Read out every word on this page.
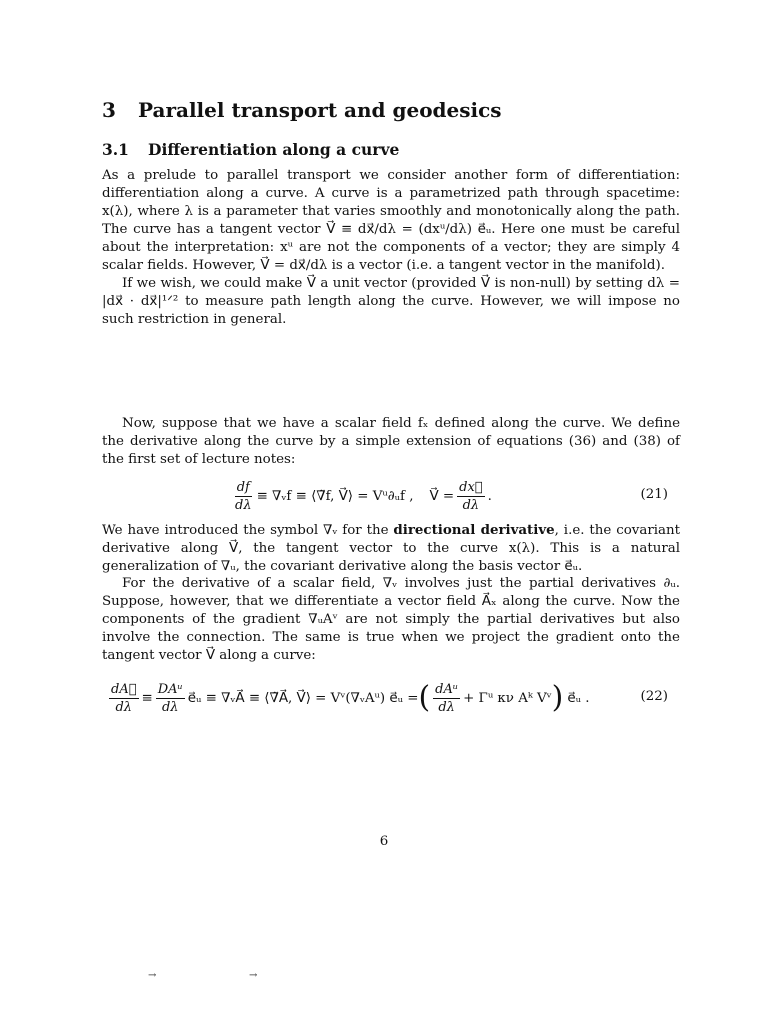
3 Parallel transport and geodesics
3.1 Differentiation along a curve

As a prelude to parallel transport we consider another form of differentiation: differentiation along a curve. A curve is a parametrized path through spacetime: x(λ), where λ is a parameter that varies smoothly and monotonically along the path. The curve has a tangent vector V⃗ ≡ dx⃗/dλ = (dxᵘ/dλ) e⃗ᵤ. Here one must be careful about the interpretation: xᵘ are not the components of a vector; they are simply 4 scalar fields. However, V⃗ = dx⃗/dλ is a vector (i.e. a tangent vector in the manifold).

If we wish, we could make V⃗ a unit vector (provided V⃗ is non-null) by setting dλ = |dx⃗ · dx⃗|¹ᐟ² to measure path length along the curve. However, we will impose no such restriction in general.

Now, suppose that we have a scalar field fₓ defined along the curve. We define the derivative along the curve by a simple extension of equations (36) and (38) of the first set of lecture notes:

$\frac{df}{d\lambda}$ ≡ ∇ᵥf ≡ ⟨∇̃f, V⃗⟩ = Vᵘ∂ᵤf , V⃗ = $\frac{dx⃗}{d\lambda}$ .	(21)

We have introduced the symbol ∇ᵥ for the directional derivative, i.e. the covariant derivative along V⃗, the tangent vector to the curve x(λ). This is a natural generalization of ∇ᵤ, the covariant derivative along the basis vector e⃗ᵤ.

For the derivative of a scalar field, ∇ᵥ involves just the partial derivatives ∂ᵤ. Suppose, however, that we differentiate a vector field A⃗ₓ along the curve. Now the components of the gradient ∇ᵤAᵛ are not simply the partial derivatives but also involve the connection. The same is true when we project the gradient onto the tangent vector V⃗ along a curve:

$\frac{dA⃗}{d\lambda} \equiv \frac{\text{DAᵘ}}{d\lambda}$ e⃗ᵤ ≡ ∇ᵥA⃗ ≡ ⟨∇̃A⃗, V⃗⟩ = Vᵛ(∇ᵥAᵘ) e⃗ᵤ = ( $\frac{\text{dAᵘ}}{d\lambda}$ + Γᵘ κν Aᵏ Vᵛ ) e⃗ᵤ .	(22)
6
→	→
